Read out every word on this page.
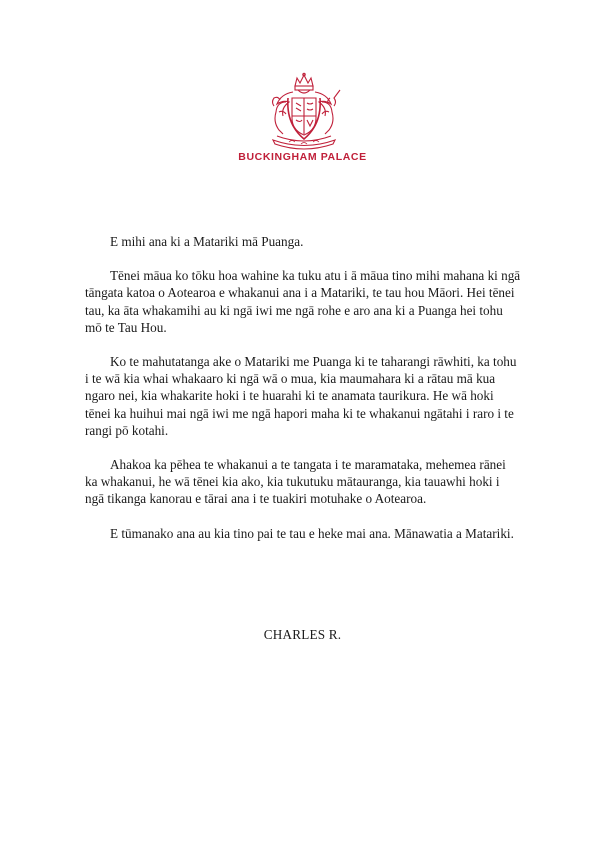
BUCKINGHAM PALACE

E mihi ana ki a Matariki mā Puanga.

Tēnei māua ko tōku hoa wahine ka tuku atu i ā māua tino mihi mahana ki ngā tāngata katoa o Aotearoa e whakanui ana i a Matariki, te tau hou Māori. Hei tēnei tau, ka āta whakamihi au ki ngā iwi me ngā rohe e aro ana ki a Puanga hei tohu mō te Tau Hou.

Ko te mahutatanga ake o Matariki me Puanga ki te taharangi rāwhiti, ka tohu i te wā kia whai whakaaro ki ngā wā o mua, kia maumahara ki a rātau mā kua ngaro nei, kia whakarite hoki i te huarahi ki te anamata taurikura. He wā hoki tēnei ka huihui mai ngā iwi me ngā hapori maha ki te whakanui ngātahi i raro i te rangi pō kotahi.

Ahakoa ka pēhea te whakanui a te tangata i te maramataka, mehemea rānei ka whakanui, he wā tēnei kia ako, kia tukutuku mātauranga, kia tauawhi hoki i ngā tikanga kanorau e tārai ana i te tuakiri motuhake o Aotearoa.

E tūmanako ana au kia tino pai te tau e heke mai ana. Mānawatia a Matariki.

CHARLES R.
